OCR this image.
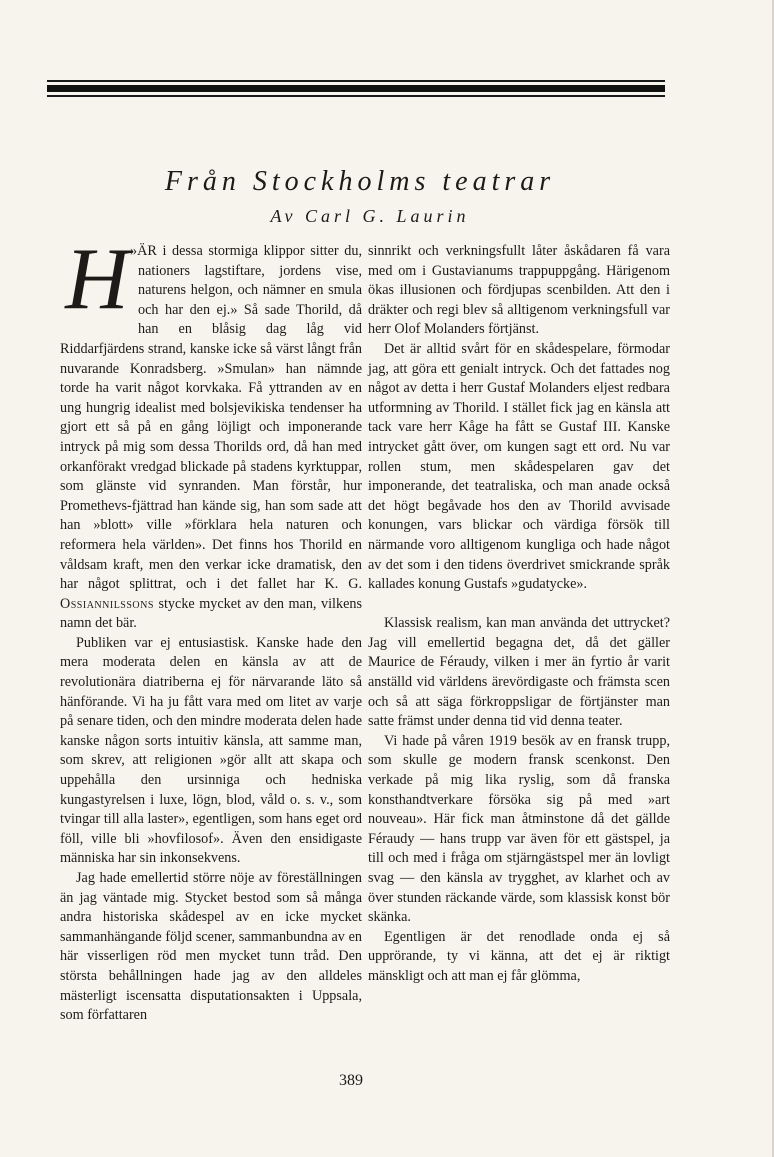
Från Stockholms teatrar
Av Carl G. Laurin

H »ÄR i dessa stormiga klippor sitter du, nationers lagstiftare, jordens vise, naturens helgon, och nämner en smula och har den ej.» Så sade Thorild, då han en blåsig dag låg vid Riddarfjärdens strand, kanske icke så värst långt från nuvarande Konradsberg. »Smulan» han nämnde torde ha varit något korvkaka. Få yttranden av en ung hungrig idealist med bolsjevikiska tendenser ha gjort ett så på en gång löjligt och imponerande intryck på mig som dessa Thorilds ord, då han med orkanförakt vredgad blickade på stadens kyrktuppar, som glänste vid synranden. Man förstår, hur Promethevs-fjättrad han kände sig, han som sade att han »blott» ville »förklara hela naturen och reformera hela världen». Det finns hos Thorild en våldsam kraft, men den verkar icke dramatisk, den har något splittrat, och i det fallet har K. G. Ossiannilssons stycke mycket av den man, vilkens namn det bär.

Publiken var ej entusiastisk. Kanske hade den mera moderata delen en känsla av att de revolutionära diatriberna ej för närvarande läto så hänförande. Vi ha ju fått vara med om litet av varje på senare tiden, och den mindre moderata delen hade kanske någon sorts intuitiv känsla, att samme man, som skrev, att religionen »gör allt att skapa och uppehålla den ursinniga och hedniska kungastyrelsen i luxe, lögn, blod, våld o. s. v., som tvingar till alla laster», egentligen, som hans eget ord föll, ville bli »hovfilosof». Även den ensidigaste människa har sin inkonsekvens.

Jag hade emellertid större nöje av föreställningen än jag väntade mig. Stycket bestod som så många andra historiska skådespel av en icke mycket sammanhängande följd scener, sammanbundna av en här visserligen röd men mycket tunn tråd. Den största behållningen hade jag av den alldeles mästerligt iscensatta disputationsakten i Uppsala, som författaren

sinnrikt och verkningsfullt låter åskådaren få vara med om i Gustavianums trappuppgång. Härigenom ökas illusionen och fördjupas scenbilden. Att den i dräkter och regi blev så alltigenom verkningsfull var herr Olof Molanders förtjänst.

Det är alltid svårt för en skådespelare, förmodar jag, att göra ett genialt intryck. Och det fattades nog något av detta i herr Gustaf Molanders eljest redbara utformning av Thorild. I stället fick jag en känsla att tack vare herr Kåge ha fått se Gustaf III. Kanske intrycket gått över, om kungen sagt ett ord. Nu var rollen stum, men skådespelaren gav det imponerande, det teatraliska, och man anade också det högt begåvade hos den av Thorild avvisade konungen, vars blickar och värdiga försök till närmande voro alltigenom kungliga och hade något av det som i den tidens överdrivet smickrande språk kallades konung Gustafs »gudatycke».

Klassisk realism, kan man använda det uttrycket? Jag vill emellertid begagna det, då det gäller Maurice de Féraudy, vilken i mer än fyrtio år varit anställd vid världens ärevördigaste och främsta scen och så att säga förkroppsligar de förtjänster man satte främst under denna tid vid denna teater.

Vi hade på våren 1919 besök av en fransk trupp, som skulle ge modern fransk scenkonst. Den verkade på mig lika ryslig, som då franska konsthandtverkare försöka sig på med »art nouveau». Här fick man åtminstone då det gällde Féraudy — hans trupp var även för ett gästspel, ja till och med i fråga om stjärngästspel mer än lovligt svag — den känsla av trygghet, av klarhet och av över stunden räckande värde, som klassisk konst bör skänka.

Egentligen är det renodlade onda ej så upprörande, ty vi känna, att det ej är riktigt mänskligt och att man ej får glömma,

389
